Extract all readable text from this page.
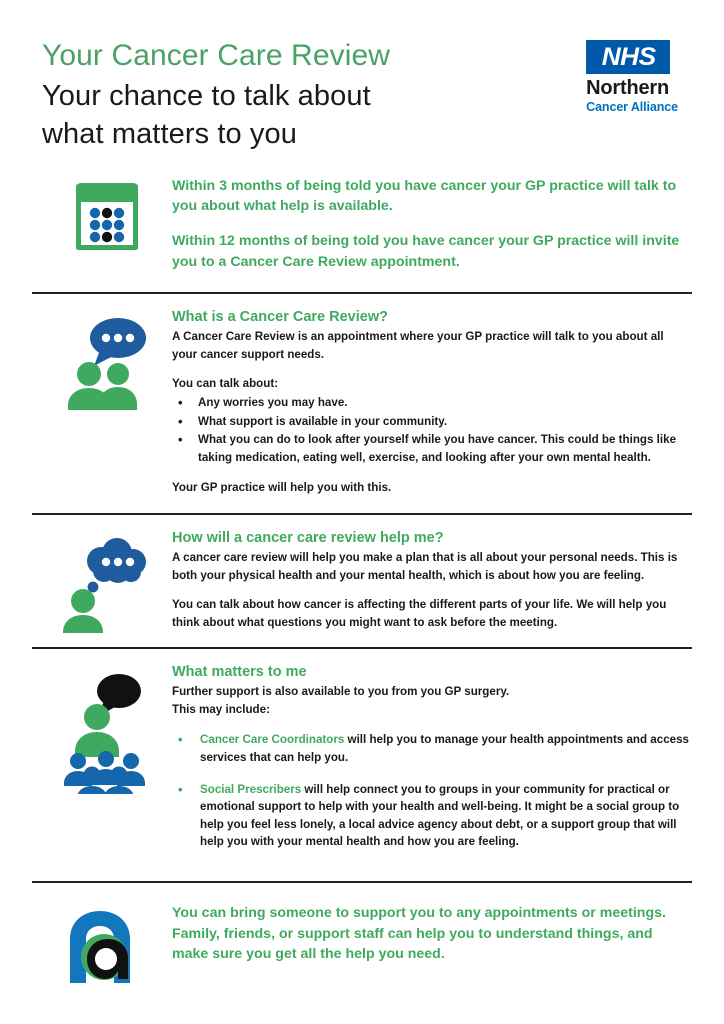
Your Cancer Care Review
Your chance to talk about
what matters to you
NHS
Northern
Cancer Alliance

Within 3 months of being told you have cancer your GP practice will talk to you about what help is available.

Within 12 months of being told you have cancer your GP practice will invite you to a Cancer Care Review appointment.

What is a Cancer Care Review?
A Cancer Care Review is an appointment where your GP practice will talk to you about all your cancer support needs.
You can talk about:
• Any worries you may have.
• What support is available in your community.
• What you can do to look after yourself while you have cancer. This could be things like taking medication, eating well, exercise, and looking after your own mental health.
Your GP practice will help you with this.
How will a cancer care review help me?
A cancer care review will help you make a plan that is all about your personal needs. This is both your physical health and your mental health, which is about how you are feeling.
You can talk about how cancer is affecting the different parts of your life. We will help you think about what questions you might want to ask before the meeting.
What matters to me
Further support is also available to you from you GP surgery.
This may include:
• Cancer Care Coordinators will help you to manage your health appointments and access services that can help you.
• Social Prescribers will help connect you to groups in your community for practical or emotional support to help with your health and well-being. It might be a social group to help you feel less lonely, a local advice agency about debt, or a support group that will help you with your mental health and how you are feeling.

You can bring someone to support you to any appointments or meetings. Family, friends, or support staff can help you to understand things, and make sure you get all the help you need.
